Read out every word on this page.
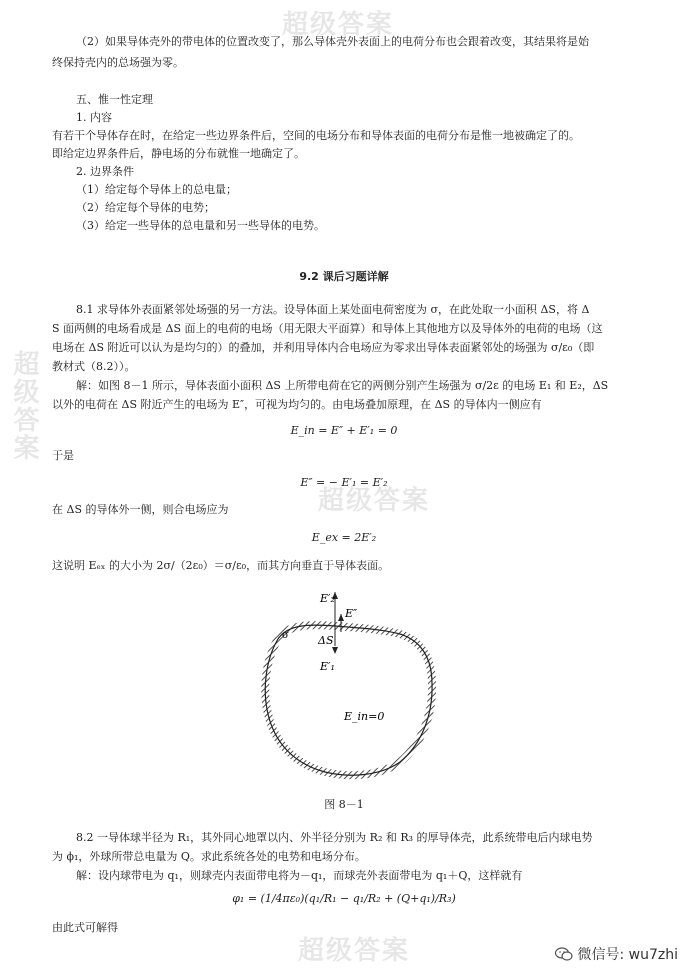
超级答案
超级答案
超级答案
超级答案
（2）如果导体壳外的带电体的位置改变了，那么导体壳外表面上的电荷分布也会跟着改变，其结果将是始
终保持壳内的总场强为零。
五、惟一性定理
1. 内容
有若干个导体存在时，在给定一些边界条件后，空间的电场分布和导体表面的电荷分布是惟一地被确定了的。
即给定边界条件后，静电场的分布就惟一地确定了。
2. 边界条件
（1）给定每个导体上的总电量；
（2）给定每个导体的电势；
（3）给定一些导体的总电量和另一些导体的电势。
9.2 课后习题详解
8.1 求导体外表面紧邻处场强的另一方法。设导体面上某处面电荷密度为 σ，在此处取一小面积 ΔS，将 Δ
S 面两侧的电场看成是 ΔS 面上的电荷的电场（用无限大平面算）和导体上其他地方以及导体外的电荷的电场（这
电场在 ΔS 附近可以认为是均匀的）的叠加，并利用导体内合电场应为零求出导体表面紧邻处的场强为 σ/ε₀（即
教材式（8.2））。
解：如图 8－1 所示，导体表面小面积 ΔS 上所带电荷在它的两侧分别产生场强为 σ/2ε 的电场 E₁ 和 E₂，ΔS
以外的电荷在 ΔS 附近产生的电场为 E″，可视为均匀的。由电场叠加原理，在 ΔS 的导体内一侧应有
E_in = E″ + E′₁ = 0
于是
E″ = − E′₁ = E′₂
在 ΔS 的导体外一侧，则合电场应为
E_ex = 2E′₂
这说明 Eₑₓ 的大小为 2σ/（2ε₀）＝σ/ε₀，而其方向垂直于导体表面。
E′₂
E″
σ	ΔS
E′₁
E_in=0
图 8－1
8.2 一导体球半径为 R₁，其外同心地罩以内、外半径分别为 R₂ 和 R₃ 的厚导体壳，此系统带电后内球电势
为 ϕ₁，外球所带总电量为 Q。求此系统各处的电势和电场分布。
解：设内球带电为 q₁，则球壳内表面带电将为－q₁，而球壳外表面带电为 q₁＋Q，这样就有
φ₁ = (1/4πε₀)(q₁/R₁ − q₁/R₂ + (Q+q₁)/R₃)
由此式可解得
微信号: wu7zhi
